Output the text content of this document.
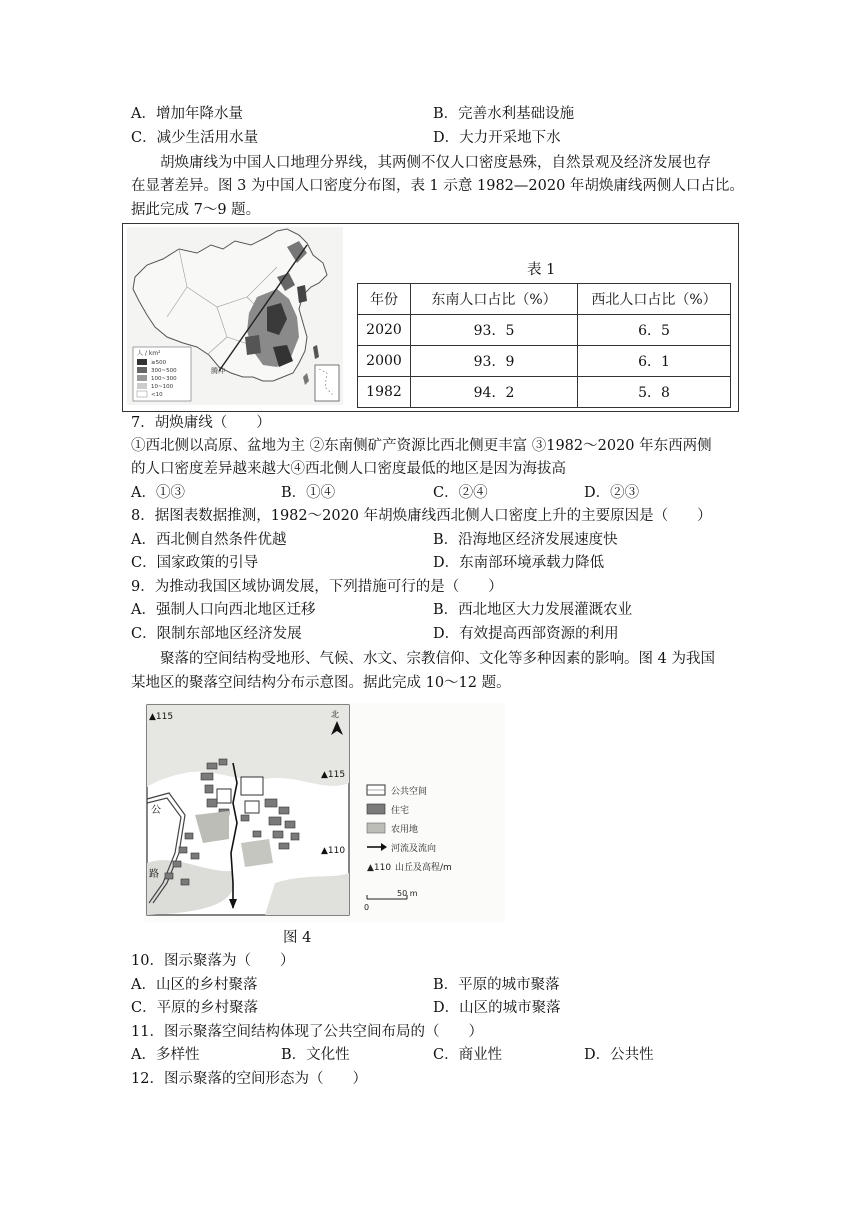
A．增加年降水量	B．完善水利基础设施
C．减少生活用水量	D．大力开采地下水
胡焕庸线为中国人口地理分界线，其两侧不仅人口密度悬殊，自然景观及经济发展也存
在显著差异。图 3 为中国人口密度分布图，表 1 示意 1982—2020 年胡焕庸线两侧人口占比。
据此完成 7～9 题。
人 / km²
≥500
300~500
100~300
10~100
<10
腾冲
表 1
年份	东南人口占比（%）	西北人口占比（%）
2020	93．5	6．5
2000	93．9	6．1
1982	94．2	5．8
7．胡焕庸线（　　）
①西北侧以高原、盆地为主 ②东南侧矿产资源比西北侧更丰富 ③1982～2020 年东西两侧
的人口密度差异越来越大④西北侧人口密度最低的地区是因为海拔高
A．①③	B．①④	C．②④	D．②③
8．据图表数据推测，1982～2020 年胡焕庸线西北侧人口密度上升的主要原因是（　　）
A．西北侧自然条件优越	B．沿海地区经济发展速度快
C．国家政策的引导	D．东南部环境承载力降低
9．为推动我国区域协调发展，下列措施可行的是（　　）
A．强制人口向西北地区迁移	B．西北地区大力发展灌溉农业
C．限制东部地区经济发展	D．有效提高西部资源的利用
聚落的空间结构受地形、气候、水文、宗教信仰、文化等多种因素的影响。图 4 为我国
某地区的聚落空间结构分布示意图。据此完成 10～12 题。
▲115
▲115
▲110
北
公
路
公共空间
住宅
农用地
河流及流向
▲110 山丘及高程/m
0
50 m
图 4
10．图示聚落为（　　）
A．山区的乡村聚落	B．平原的城市聚落
C．平原的乡村聚落	D．山区的城市聚落
11．图示聚落空间结构体现了公共空间布局的（　　）
A．多样性	B．文化性	C．商业性	D．公共性
12．图示聚落的空间形态为（　　）
